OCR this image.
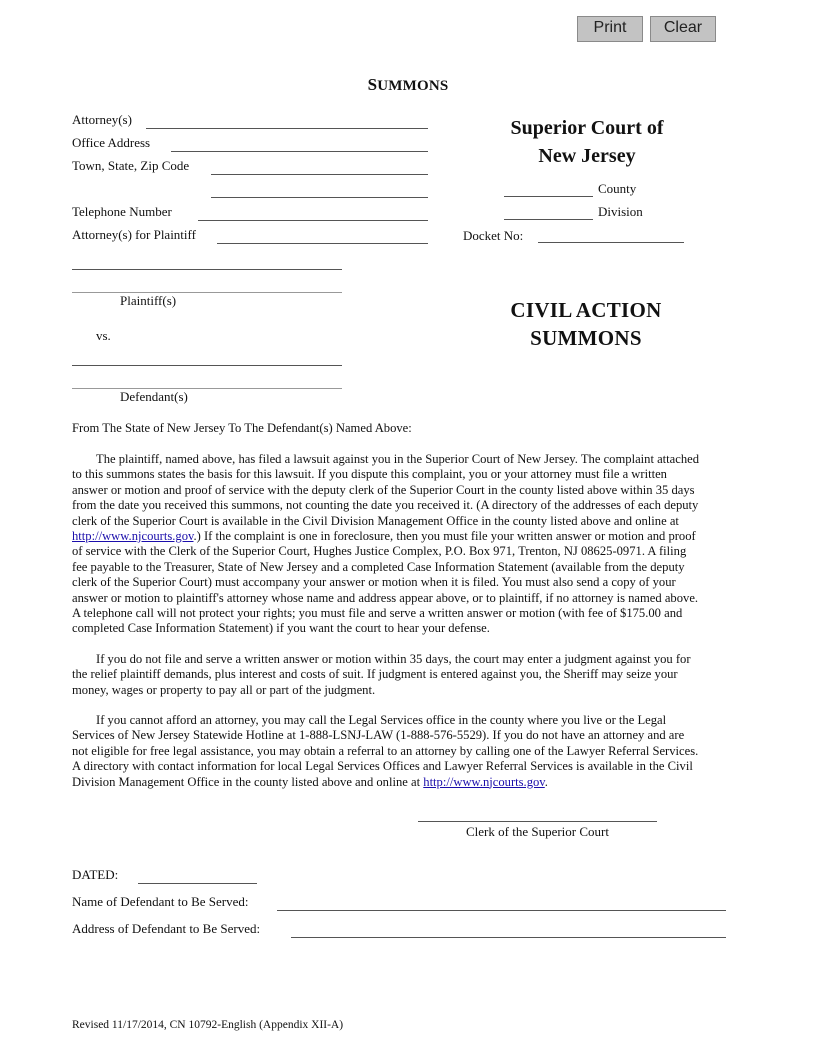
Print	Clear
SUMMONS
Attorney(s)
Office Address
Town, State, Zip Code
Telephone Number
Attorney(s) for Plaintiff
Superior Court of
New Jersey
County
Division
Docket No:
Plaintiff(s)
vs.
Defendant(s)
CIVIL ACTION
SUMMONS
From The State of New Jersey To The Defendant(s) Named Above:
The plaintiff, named above, has filed a lawsuit against you in the Superior Court of New Jersey. The complaint attached
to this summons states the basis for this lawsuit. If you dispute this complaint, you or your attorney must file a written
answer or motion and proof of service with the deputy clerk of the Superior Court in the county listed above within 35 days
from the date you received this summons, not counting the date you received it. (A directory of the addresses of each deputy
clerk of the Superior Court is available in the Civil Division Management Office in the county listed above and online at
http://www.njcourts.gov.) If the complaint is one in foreclosure, then you must file your written answer or motion and proof
of service with the Clerk of the Superior Court, Hughes Justice Complex, P.O. Box 971, Trenton, NJ 08625-0971. A filing
fee payable to the Treasurer, State of New Jersey and a completed Case Information Statement (available from the deputy
clerk of the Superior Court) must accompany your answer or motion when it is filed. You must also send a copy of your
answer or motion to plaintiff's attorney whose name and address appear above, or to plaintiff, if no attorney is named above.
A telephone call will not protect your rights; you must file and serve a written answer or motion (with fee of $175.00 and
completed Case Information Statement) if you want the court to hear your defense.
If you do not file and serve a written answer or motion within 35 days, the court may enter a judgment against you for
the relief plaintiff demands, plus interest and costs of suit. If judgment is entered against you, the Sheriff may seize your
money, wages or property to pay all or part of the judgment.
If you cannot afford an attorney, you may call the Legal Services office in the county where you live or the Legal
Services of New Jersey Statewide Hotline at 1-888-LSNJ-LAW (1-888-576-5529). If you do not have an attorney and are
not eligible for free legal assistance, you may obtain a referral to an attorney by calling one of the Lawyer Referral Services.
A directory with contact information for local Legal Services Offices and Lawyer Referral Services is available in the Civil
Division Management Office in the county listed above and online at http://www.njcourts.gov.
Clerk of the Superior Court
DATED:
Name of Defendant to Be Served:
Address of Defendant to Be Served:
Revised 11/17/2014, CN 10792-English (Appendix XII-A)
